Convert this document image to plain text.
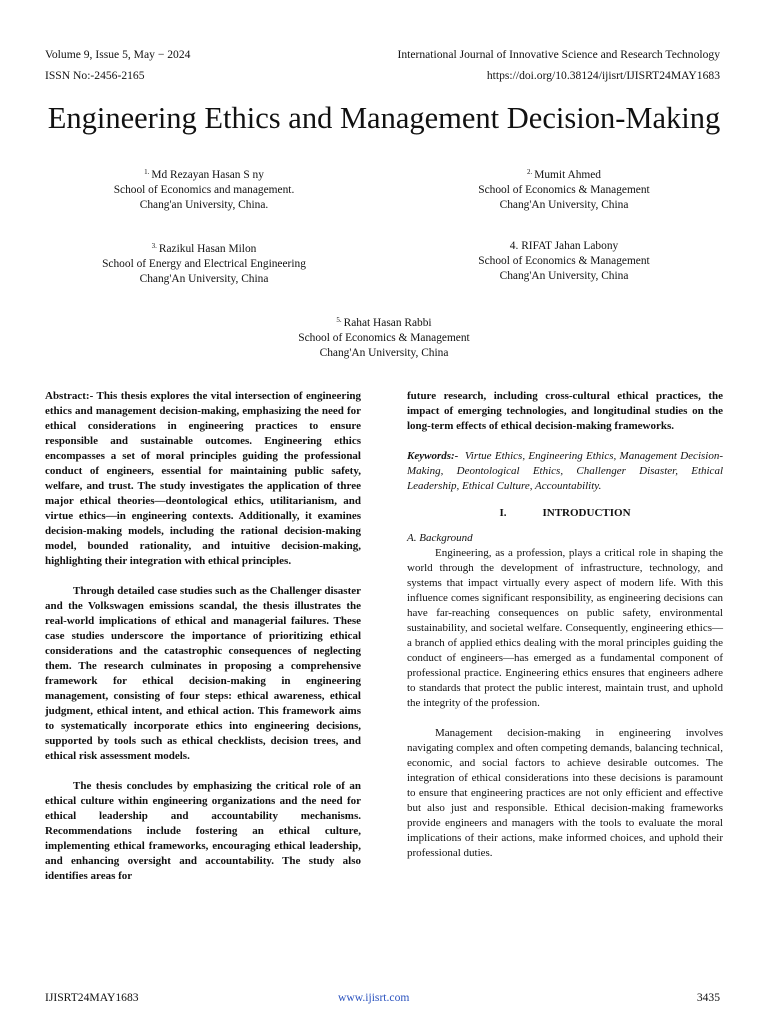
Volume 9, Issue 5, May − 2024
ISSN No:-2456-2165
International Journal of Innovative Science and Research Technology
https://doi.org/10.38124/ijisrt/IJISRT24MAY1683
Engineering Ethics and Management Decision-Making
$^{1.}$ Md Rezayan Hasan S ny
School of Economics and management.
Chang'an University, China.
$^{2.}$ Mumit Ahmed
School of Economics & Management
Chang'An University, China
$^{3.}$ Razikul Hasan Milon
School of Energy and Electrical Engineering
Chang'An University, China
4. RIFAT Jahan Labony
School of Economics & Management
Chang'An University, China
$^{5.}$ Rahat Hasan Rabbi
School of Economics & Management
Chang'An University, China

Abstract:- This thesis explores the vital intersection of engineering ethics and management decision-making, emphasizing the need for ethical considerations in engineering practices to ensure responsible and sustainable outcomes. Engineering ethics encompasses a set of moral principles guiding the professional conduct of engineers, essential for maintaining public safety, welfare, and trust. The study investigates the application of three major ethical theories—deontological ethics, utilitarianism, and virtue ethics—in engineering contexts. Additionally, it examines decision-making models, including the rational decision-making model, bounded rationality, and intuitive decision-making, highlighting their integration with ethical principles.

Through detailed case studies such as the Challenger disaster and the Volkswagen emissions scandal, the thesis illustrates the real-world implications of ethical and managerial failures. These case studies underscore the importance of prioritizing ethical considerations and the catastrophic consequences of neglecting them. The research culminates in proposing a comprehensive framework for ethical decision-making in engineering management, consisting of four steps: ethical awareness, ethical judgment, ethical intent, and ethical action. This framework aims to systematically incorporate ethics into engineering decisions, supported by tools such as ethical checklists, decision trees, and ethical risk assessment models.

The thesis concludes by emphasizing the critical role of an ethical culture within engineering organizations and the need for ethical leadership and accountability mechanisms. Recommendations include fostering an ethical culture, implementing ethical frameworks, encouraging ethical leadership, and enhancing oversight and accountability. The study also identifies areas for

future research, including cross-cultural ethical practices, the impact of emerging technologies, and longitudinal studies on the long-term effects of ethical decision-making frameworks.

Keywords:- Virtue Ethics, Engineering Ethics, Management Decision-Making, Deontological Ethics, Challenger Disaster, Ethical Leadership, Ethical Culture, Accountability.

I.	INTRODUCTION

A. Background

Engineering, as a profession, plays a critical role in shaping the world through the development of infrastructure, technology, and systems that impact virtually every aspect of modern life. With this influence comes significant responsibility, as engineering decisions can have far-reaching consequences on public safety, environmental sustainability, and societal welfare. Consequently, engineering ethics—a branch of applied ethics dealing with the moral principles guiding the conduct of engineers—has emerged as a fundamental component of professional practice. Engineering ethics ensures that engineers adhere to standards that protect the public interest, maintain trust, and uphold the integrity of the profession.

Management decision-making in engineering involves navigating complex and often competing demands, balancing technical, economic, and social factors to achieve desirable outcomes. The integration of ethical considerations into these decisions is paramount to ensure that engineering practices are not only efficient and effective but also just and responsible. Ethical decision-making frameworks provide engineers and managers with the tools to evaluate the moral implications of their actions, make informed choices, and uphold their professional duties.

IJISRT24MAY1683	www.ijisrt.com	3435
